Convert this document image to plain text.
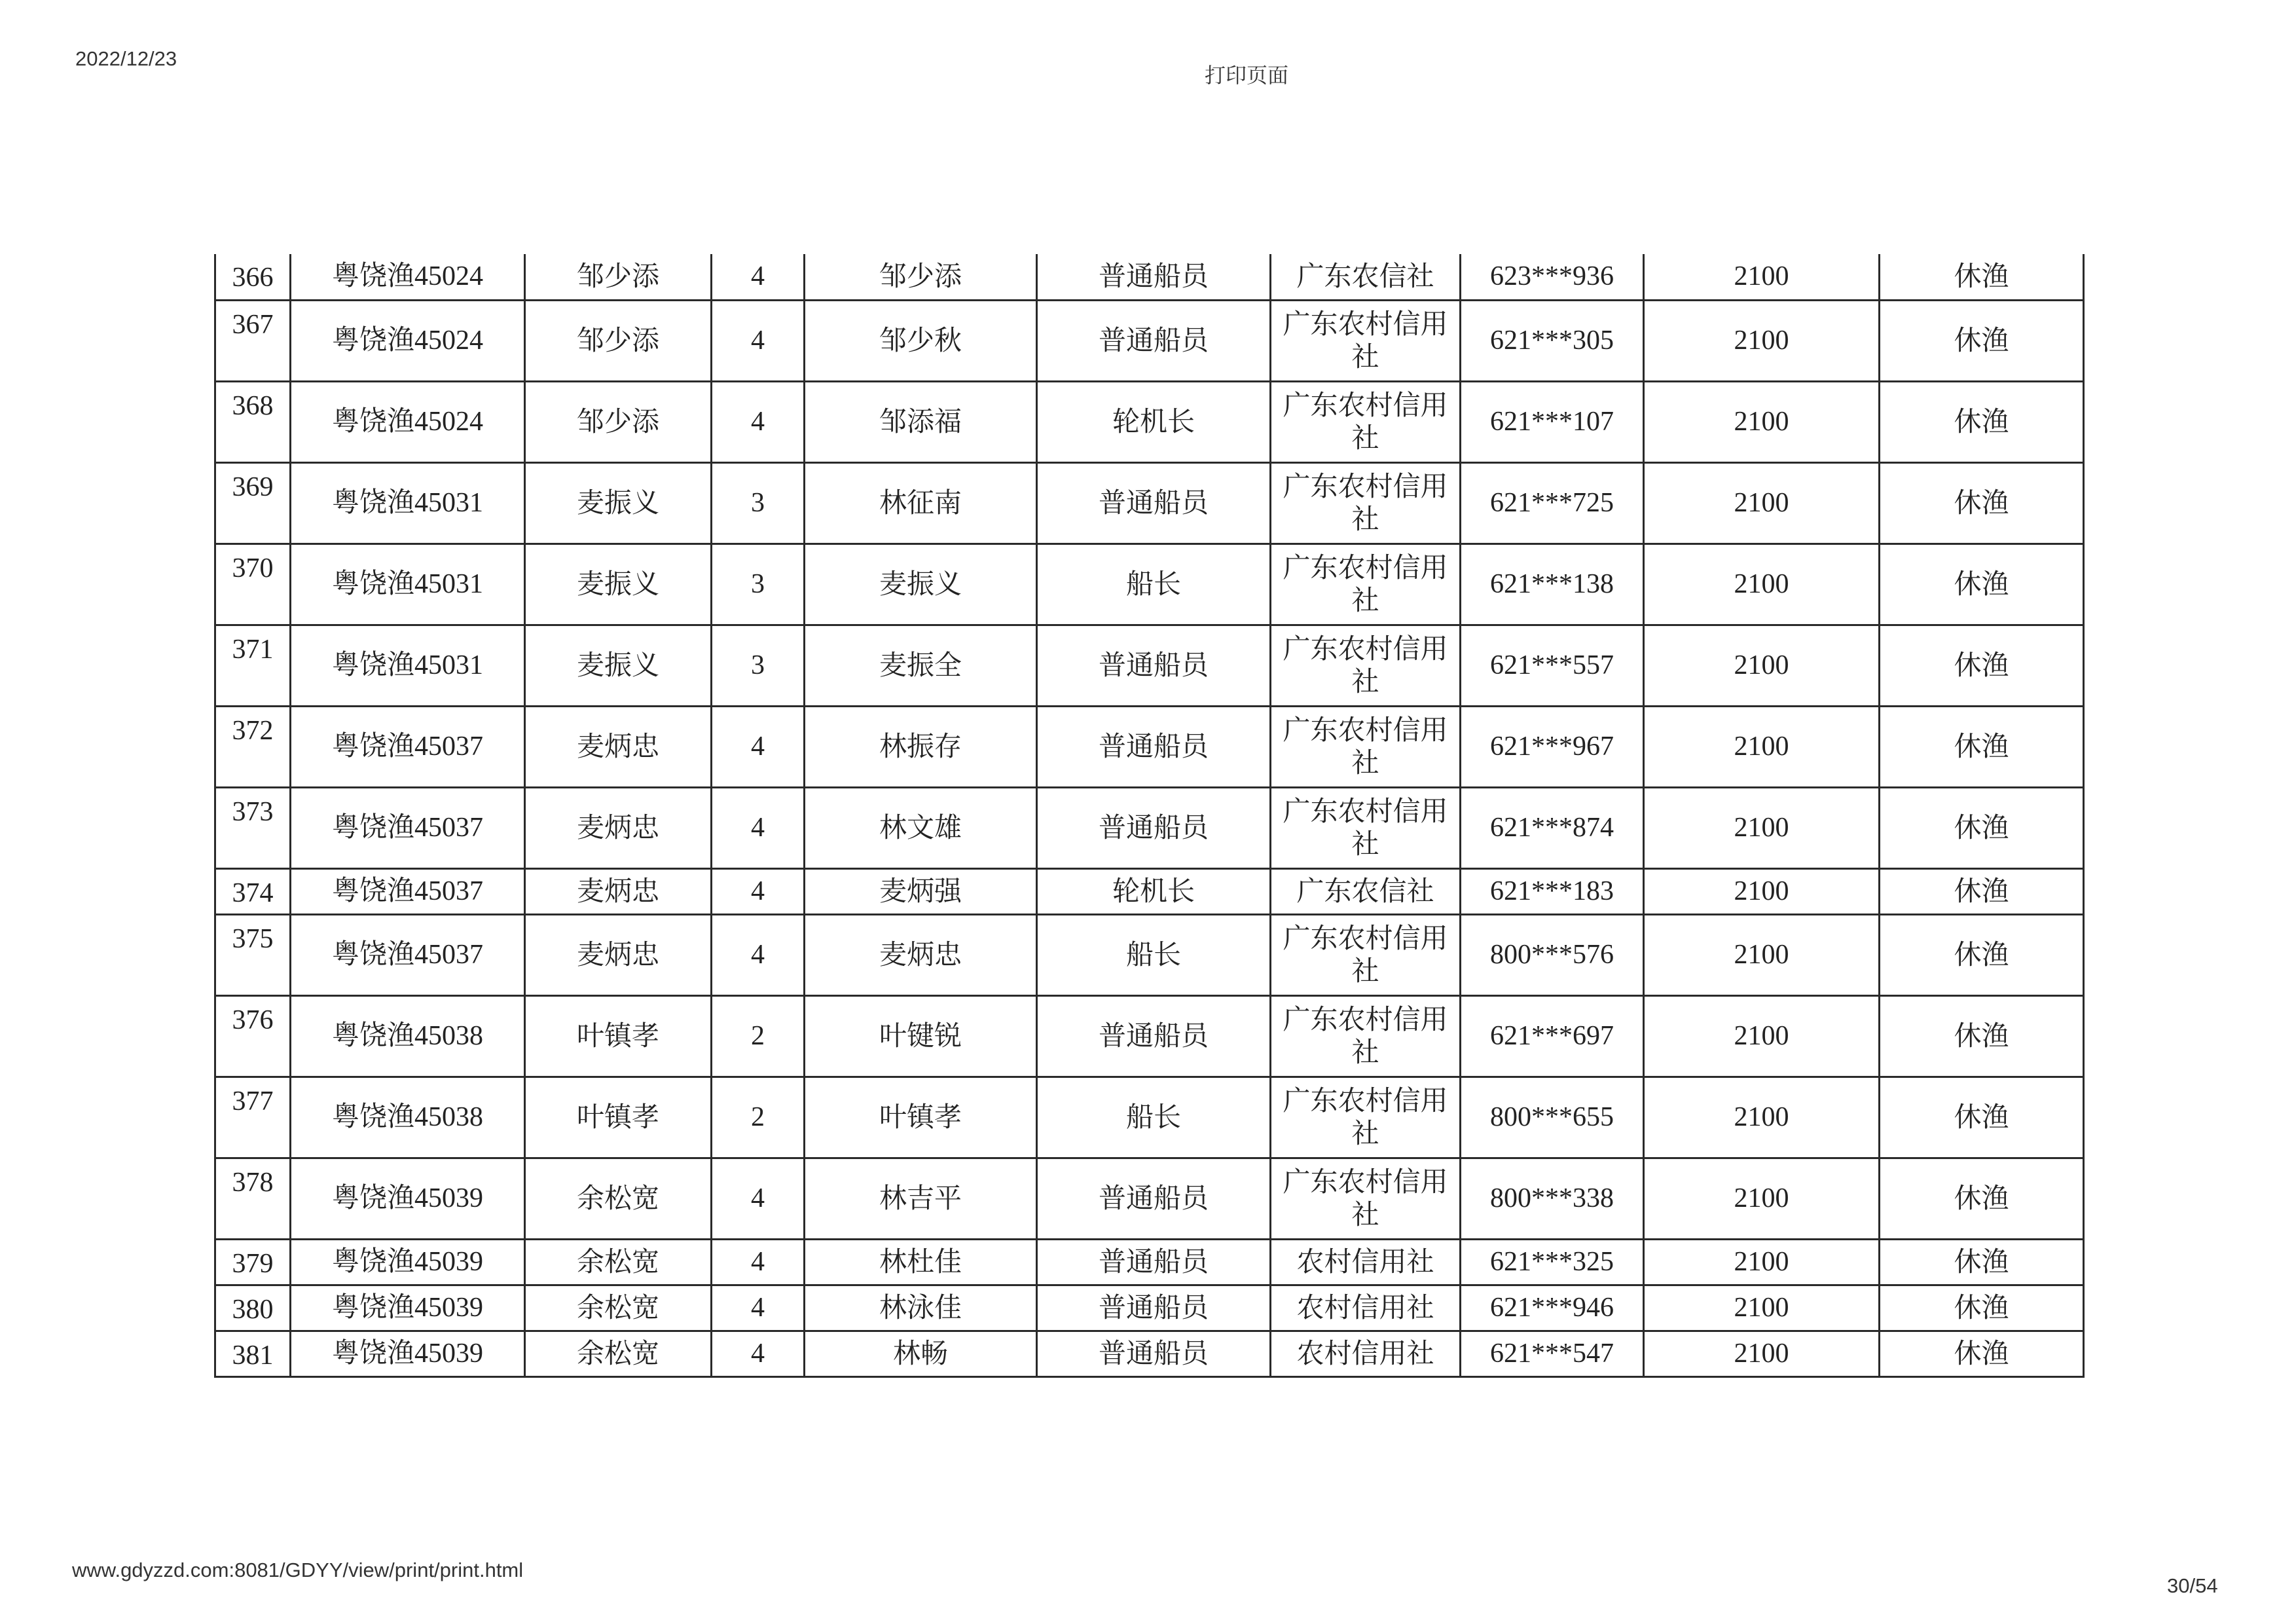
2022/12/23
打印页面
366	粤饶渔45024	邹少添	4	邹少添	普通船员	广东农信社	623***936	2100	休渔
367	粤饶渔45024	邹少添	4	邹少秋	普通船员	广东农村信用社	621***305	2100	休渔
368	粤饶渔45024	邹少添	4	邹添福	轮机长	广东农村信用社	621***107	2100	休渔
369	粤饶渔45031	麦振义	3	林征南	普通船员	广东农村信用社	621***725	2100	休渔
370	粤饶渔45031	麦振义	3	麦振义	船长	广东农村信用社	621***138	2100	休渔
371	粤饶渔45031	麦振义	3	麦振全	普通船员	广东农村信用社	621***557	2100	休渔
372	粤饶渔45037	麦炳忠	4	林振存	普通船员	广东农村信用社	621***967	2100	休渔
373	粤饶渔45037	麦炳忠	4	林文雄	普通船员	广东农村信用社	621***874	2100	休渔
374	粤饶渔45037	麦炳忠	4	麦炳强	轮机长	广东农信社	621***183	2100	休渔
375	粤饶渔45037	麦炳忠	4	麦炳忠	船长	广东农村信用社	800***576	2100	休渔
376	粤饶渔45038	叶镇孝	2	叶键锐	普通船员	广东农村信用社	621***697	2100	休渔
377	粤饶渔45038	叶镇孝	2	叶镇孝	船长	广东农村信用社	800***655	2100	休渔
378	粤饶渔45039	余松宽	4	林吉平	普通船员	广东农村信用社	800***338	2100	休渔
379	粤饶渔45039	余松宽	4	林杜佳	普通船员	农村信用社	621***325	2100	休渔
380	粤饶渔45039	余松宽	4	林泳佳	普通船员	农村信用社	621***946	2100	休渔
381	粤饶渔45039	余松宽	4	林畅	普通船员	农村信用社	621***547	2100	休渔
www.gdyzzd.com:8081/GDYY/view/print/print.html
30/54
